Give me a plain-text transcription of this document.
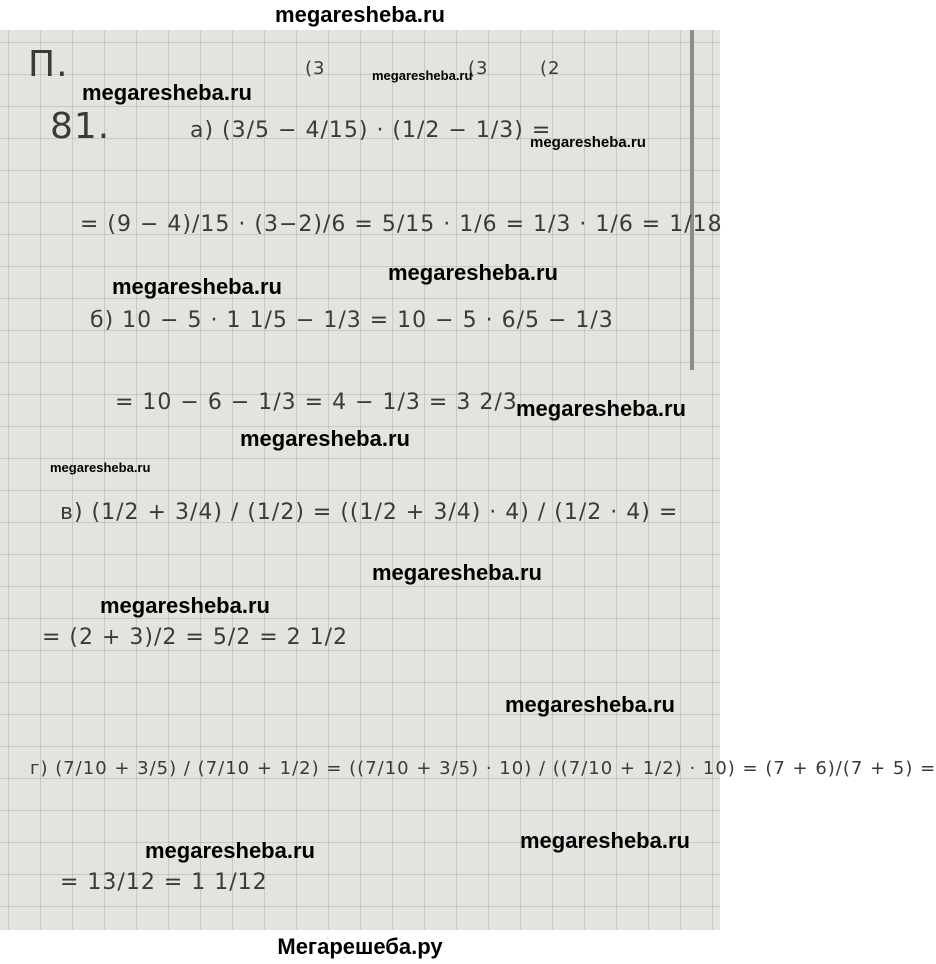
megaresheba.ru
П.	(3	(3	(2
81.	а) (3/5 − 4/15) · (1/2 − 1/3) =
= (9 − 4)/15 · (3−2)/6 = 5/15 · 1/6 = 1/3 · 1/6 = 1/18
б) 10 − 5 · 1 1/5 − 1/3 = 10 − 5 · 6/5 − 1/3
= 10 − 6 − 1/3 = 4 − 1/3 = 3 2/3
в) (1/2 + 3/4) / (1/2) = ((1/2 + 3/4) · 4) / (1/2 · 4) =
= (2 + 3)/2 = 5/2 = 2 1/2
г) (7/10 + 3/5) / (7/10 + 1/2) = ((7/10 + 3/5) · 10) / ((7/10 + 1/2) · 10) = (7 + 6)/(7 + 5) =
= 13/12 = 1 1/12
megaresheba.ru
megaresheba.ru
megaresheba.ru
megaresheba.ru
megaresheba.ru
megaresheba.ru
megaresheba.ru
megaresheba.ru
megaresheba.ru
megaresheba.ru
megaresheba.ru
megaresheba.ru
megaresheba.ru
Мегарешеба.ру
